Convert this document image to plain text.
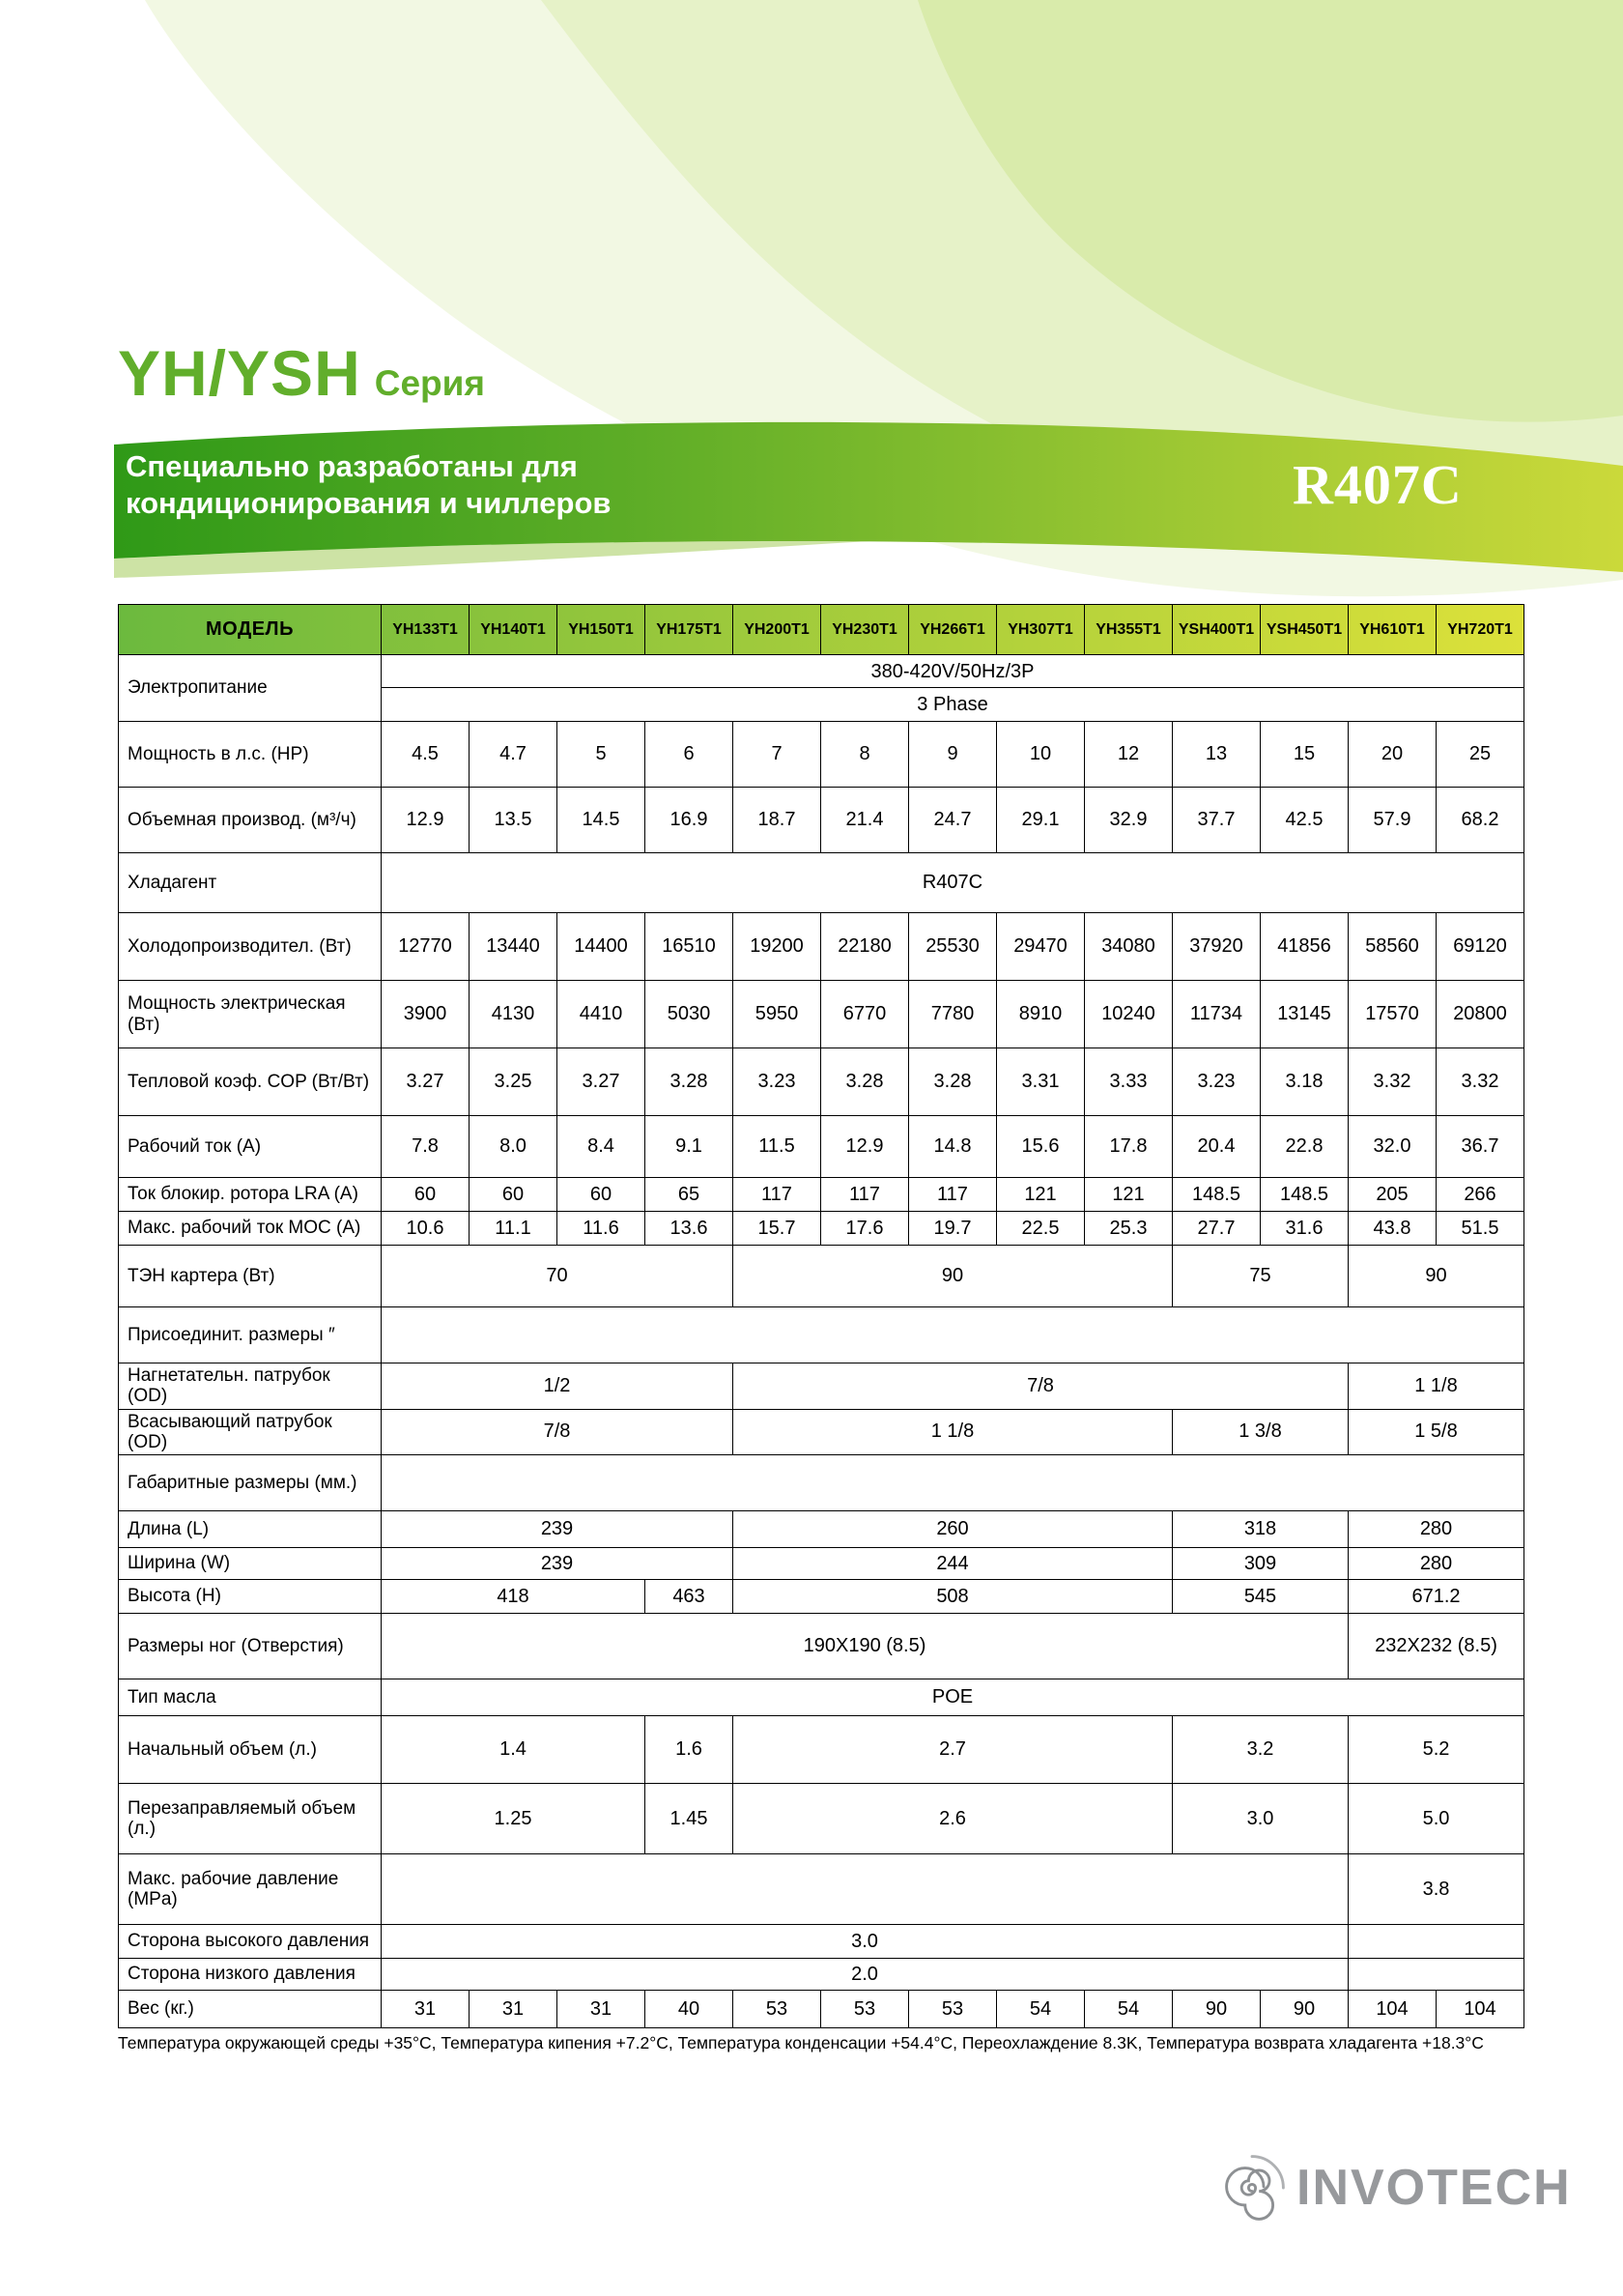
YH/YSH Серия
Специально разработаны для
кондиционирования и чиллеров	R407C
МОДЕЛЬ	YH133T1	YH140T1	YH150T1	YH175T1	YH200T1	YH230T1	YH266T1	YH307T1	YH355T1	YSH400T1	YSH450T1	YH610T1	YH720T1
Электропитание	380-420V/50Hz/3P
3 Phase												

Мощность в л.с. (HP)	4.5	4.7	5	6	7	8	9	10	12	13	15	20	25
Объемная производ. (м³/ч)	12.9	13.5	14.5	16.9	18.7	21.4	24.7	29.1	32.9	37.7	42.5	57.9	68.2
Хладагент	R407C												
Холодопроизводител. (Вт)	12770	13440	14400	16510	19200	22180	25530	29470	34080	37920	41856	58560	69120
Мощность электрическая (Вт)	3900	4130	4410	5030	5950	6770	7780	8910	10240	11734	13145	17570	20800
Тепловой коэф. COP (Вт/Вт)	3.27	3.25	3.27	3.28	3.23	3.28	3.28	3.31	3.33	3.23	3.18	3.32	3.32
Рабочий ток (А)	7.8	8.0	8.4	9.1	11.5	12.9	14.8	15.6	17.8	20.4	22.8	32.0	36.7
Ток блокир. ротора LRA (А)	60	60	60	65	117	117	117	121	121	148.5	148.5	205	266
Макс. рабочий ток MOC (А)	10.6	11.1	11.6	13.6	15.7	17.6	19.7	22.5	25.3	27.7	31.6	43.8	51.5
ТЭН картера (Вт)	70				90					75		90	
Присоединит. размеры ″													
Нагнетательн. патрубок (OD)	1/2				7/8							1 1/8	
Всасывающий патрубок (OD)	7/8				1 1/8					1 3/8		1 5/8	
Габаритные размеры (мм.)													
Длина (L)	239				260					318		280	
Ширина (W)	239				244					309		280	
Высота (H)	418			463	508					545		671.2	
Размеры ног (Отверстия)	190X190 (8.5)											232X232 (8.5)	
Тип масла	POE												
Начальный объем (л.)	1.4			1.6	2.7					3.2		5.2	
Перезаправляемый объем (л.)	1.25			1.45	2.6					3.0		5.0	
Макс. рабочие давление (MPa)												3.8	
Сторона высокого давления	3.0												
Сторона низкого давления	2.0												
Вес (кг.)	31	31	31	40	53	53	53	54	54	90	90	104	104
Температура окружающей среды +35°C, Температура кипения +7.2°C, Температура конденсации +54.4°C, Переохлаждение 8.3K, Температура возврата хладагента +18.3°C
INVOTECH
